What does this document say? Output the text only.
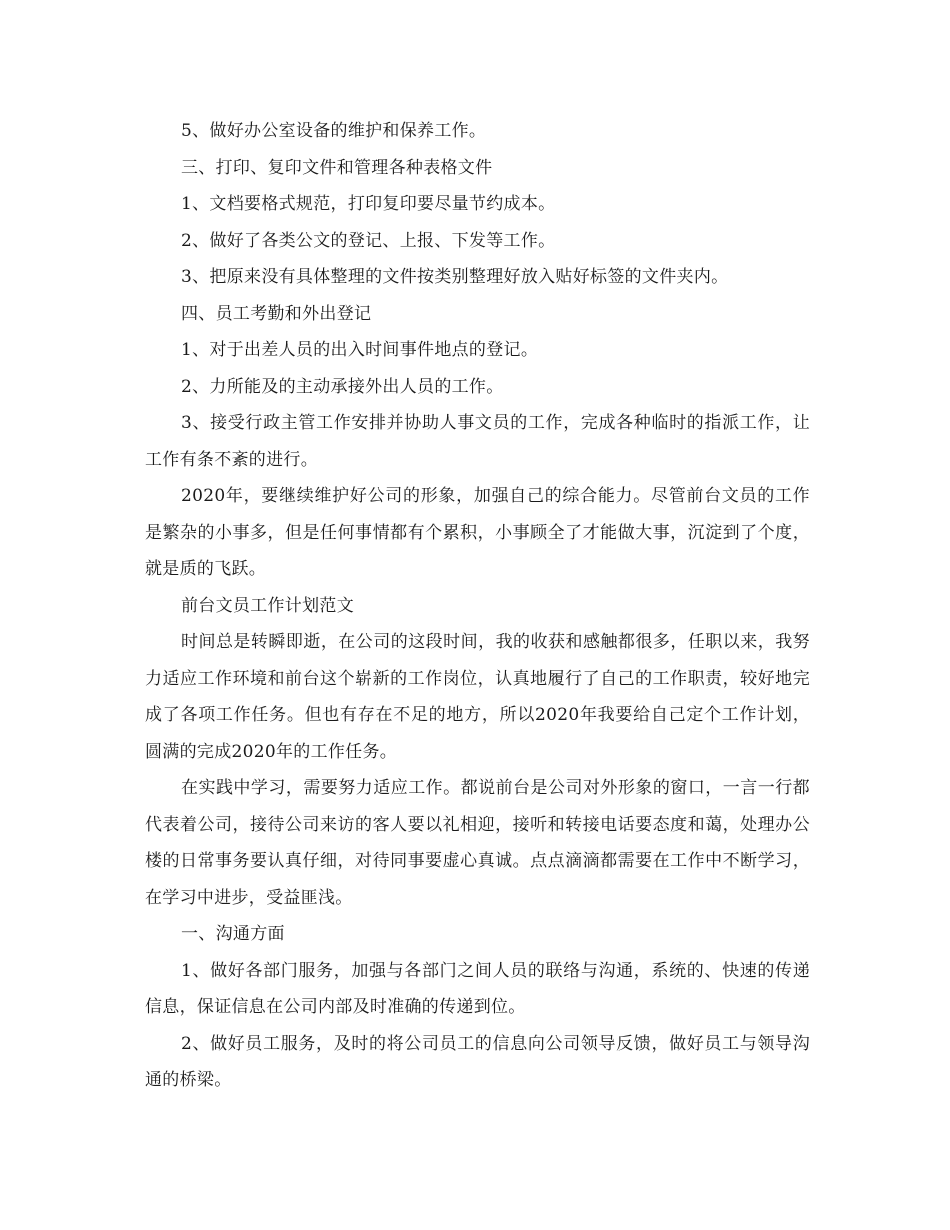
5、做好办公室设备的维护和保养工作。

三、打印、复印文件和管理各种表格文件

1、文档要格式规范，打印复印要尽量节约成本。

2、做好了各类公文的登记、上报、下发等工作。

3、把原来没有具体整理的文件按类别整理好放入贴好标签的文件夹内。

四、员工考勤和外出登记

1、对于出差人员的出入时间事件地点的登记。

2、力所能及的主动承接外出人员的工作。

3、接受行政主管工作安排并协助人事文员的工作，完成各种临时的指派工作，让工作有条不紊的进行。

2020年，要继续维护好公司的形象，加强自己的综合能力。尽管前台文员的工作是繁杂的小事多，但是任何事情都有个累积，小事顾全了才能做大事，沉淀到了个度，就是质的飞跃。

前台文员工作计划范文

时间总是转瞬即逝，在公司的这段时间，我的收获和感触都很多，任职以来，我努力适应工作环境和前台这个崭新的工作岗位，认真地履行了自己的工作职责，较好地完成了各项工作任务。但也有存在不足的地方，所以2020年我要给自己定个工作计划，圆满的完成2020年的工作任务。

在实践中学习，需要努力适应工作。都说前台是公司对外形象的窗口，一言一行都代表着公司，接待公司来访的客人要以礼相迎，接听和转接电话要态度和蔼，处理办公楼的日常事务要认真仔细，对待同事要虚心真诚。点点滴滴都需要在工作中不断学习，在学习中进步，受益匪浅。

一、沟通方面

1、做好各部门服务，加强与各部门之间人员的联络与沟通，系统的、快速的传递信息，保证信息在公司内部及时准确的传递到位。

2、做好员工服务，及时的将公司员工的信息向公司领导反馈，做好员工与领导沟通的桥梁。
